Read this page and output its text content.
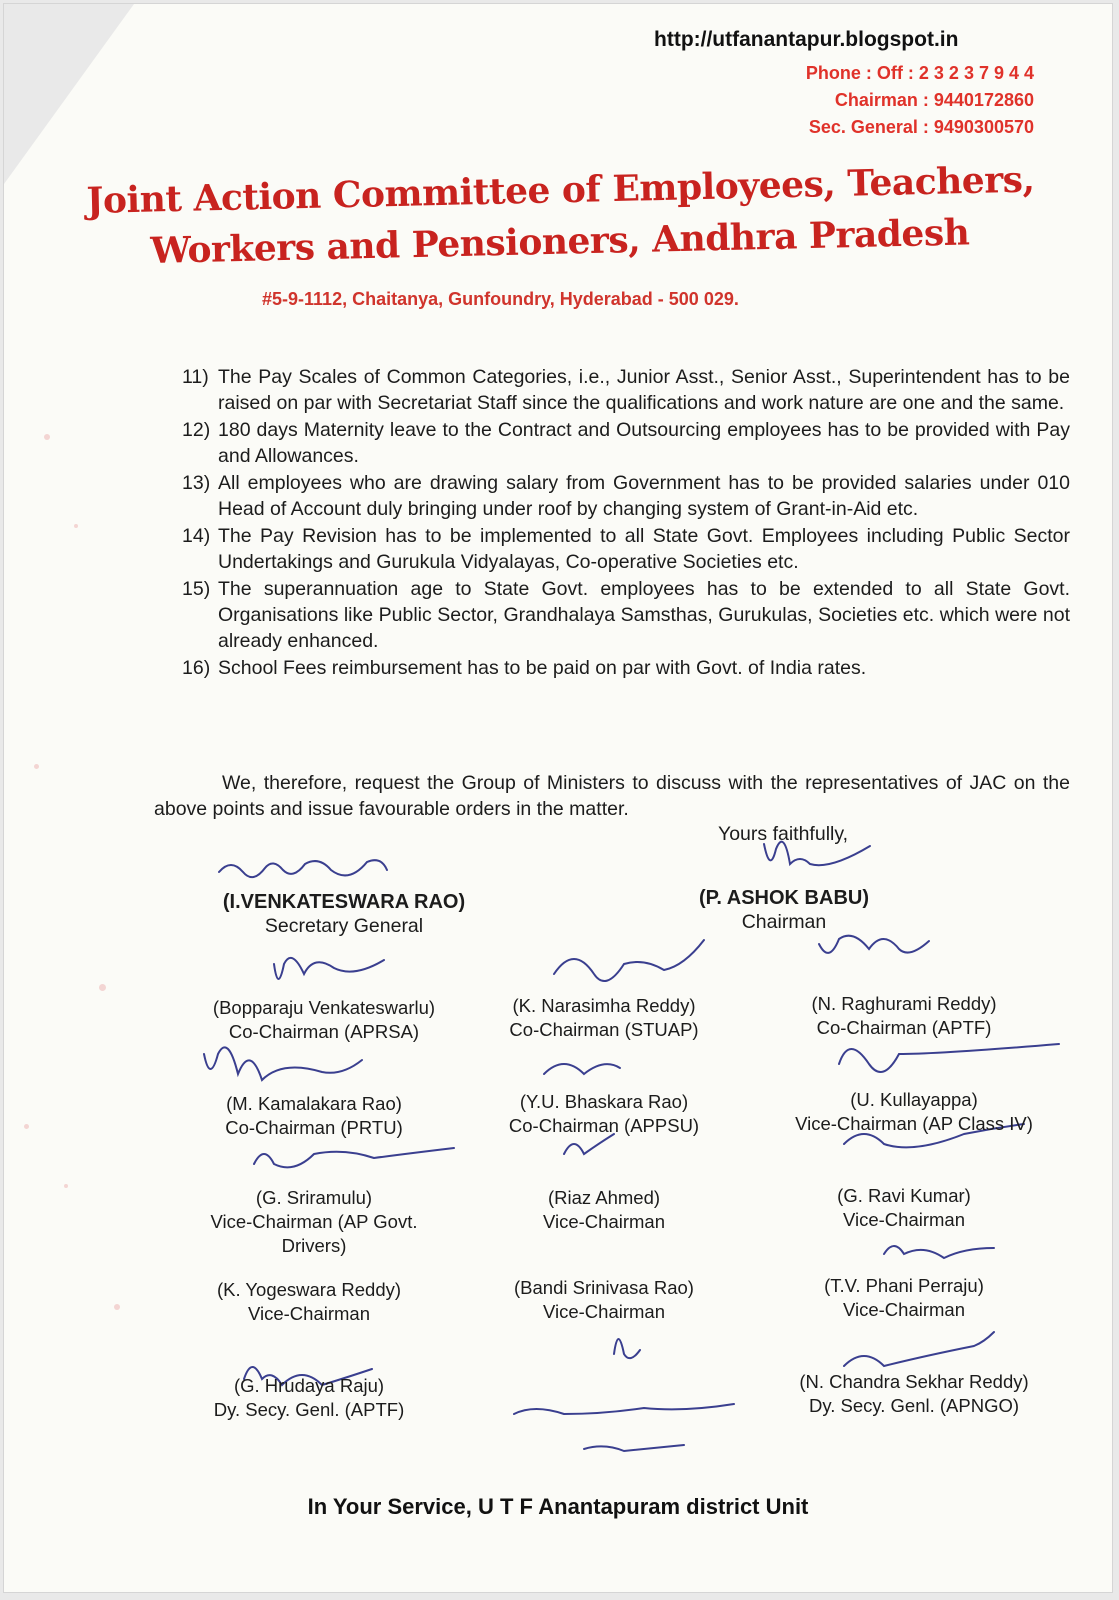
http://utfanantapur.blogspot.in
Phone : Off : 2 3 2 3 7 9 4 4
Chairman : 9440172860
Sec. General : 9490300570
Joint Action Committee of Employees, Teachers,
Workers and Pensioners, Andhra Pradesh
#5-9-1112, Chaitanya, Gunfoundry, Hyderabad - 500 029.
11) The Pay Scales of Common Categories, i.e., Junior Asst., Senior Asst., Superintendent has to be raised on par with Secretariat Staff since the qualifications and work nature are one and the same.
12) 180 days Maternity leave to the Contract and Outsourcing employees has to be provided with Pay and Allowances.
13) All employees who are drawing salary from Government has to be provided salaries under 010 Head of Account duly bringing under roof by changing system of Grant-in-Aid etc.
14) The Pay Revision has to be implemented to all State Govt. Employees including Public Sector Undertakings and Gurukula Vidyalayas, Co-operative Societies etc.
15) The superannuation age to State Govt. employees has to be extended to all State Govt. Organisations like Public Sector, Grandhalaya Samsthas, Gurukulas, Societies etc. which were not already enhanced.
16) School Fees reimbursement has to be paid on par with Govt. of India rates.
We, therefore, request the Group of Ministers to discuss with the representatives of JAC on the above points and issue favourable orders in the matter.
Yours faithfully,
(I.VENKATESWARA RAO)
Secretary General
(P. ASHOK BABU)
Chairman
(Bopparaju Venkateswarlu)
Co-Chairman (APRSA)
(K. Narasimha Reddy)
Co-Chairman (STUAP)
(N. Raghurami Reddy)
Co-Chairman (APTF)
(M. Kamalakara Rao)
Co-Chairman (PRTU)
(Y.U. Bhaskara Rao)
Co-Chairman (APPSU)
(U. Kullayappa)
Vice-Chairman (AP Class IV)
(G. Sriramulu)
Vice-Chairman (AP Govt. Drivers)
(Riaz Ahmed)
Vice-Chairman
(G. Ravi Kumar)
Vice-Chairman
(K. Yogeswara Reddy)
Vice-Chairman
(Bandi Srinivasa Rao)
Vice-Chairman
(T.V. Phani Perraju)
Vice-Chairman
(G. Hrudaya Raju)
Dy. Secy. Genl. (APTF)
(N. Chandra Sekhar Reddy)
Dy. Secy. Genl. (APNGO)
In Your Service, U T F Anantapuram district Unit
